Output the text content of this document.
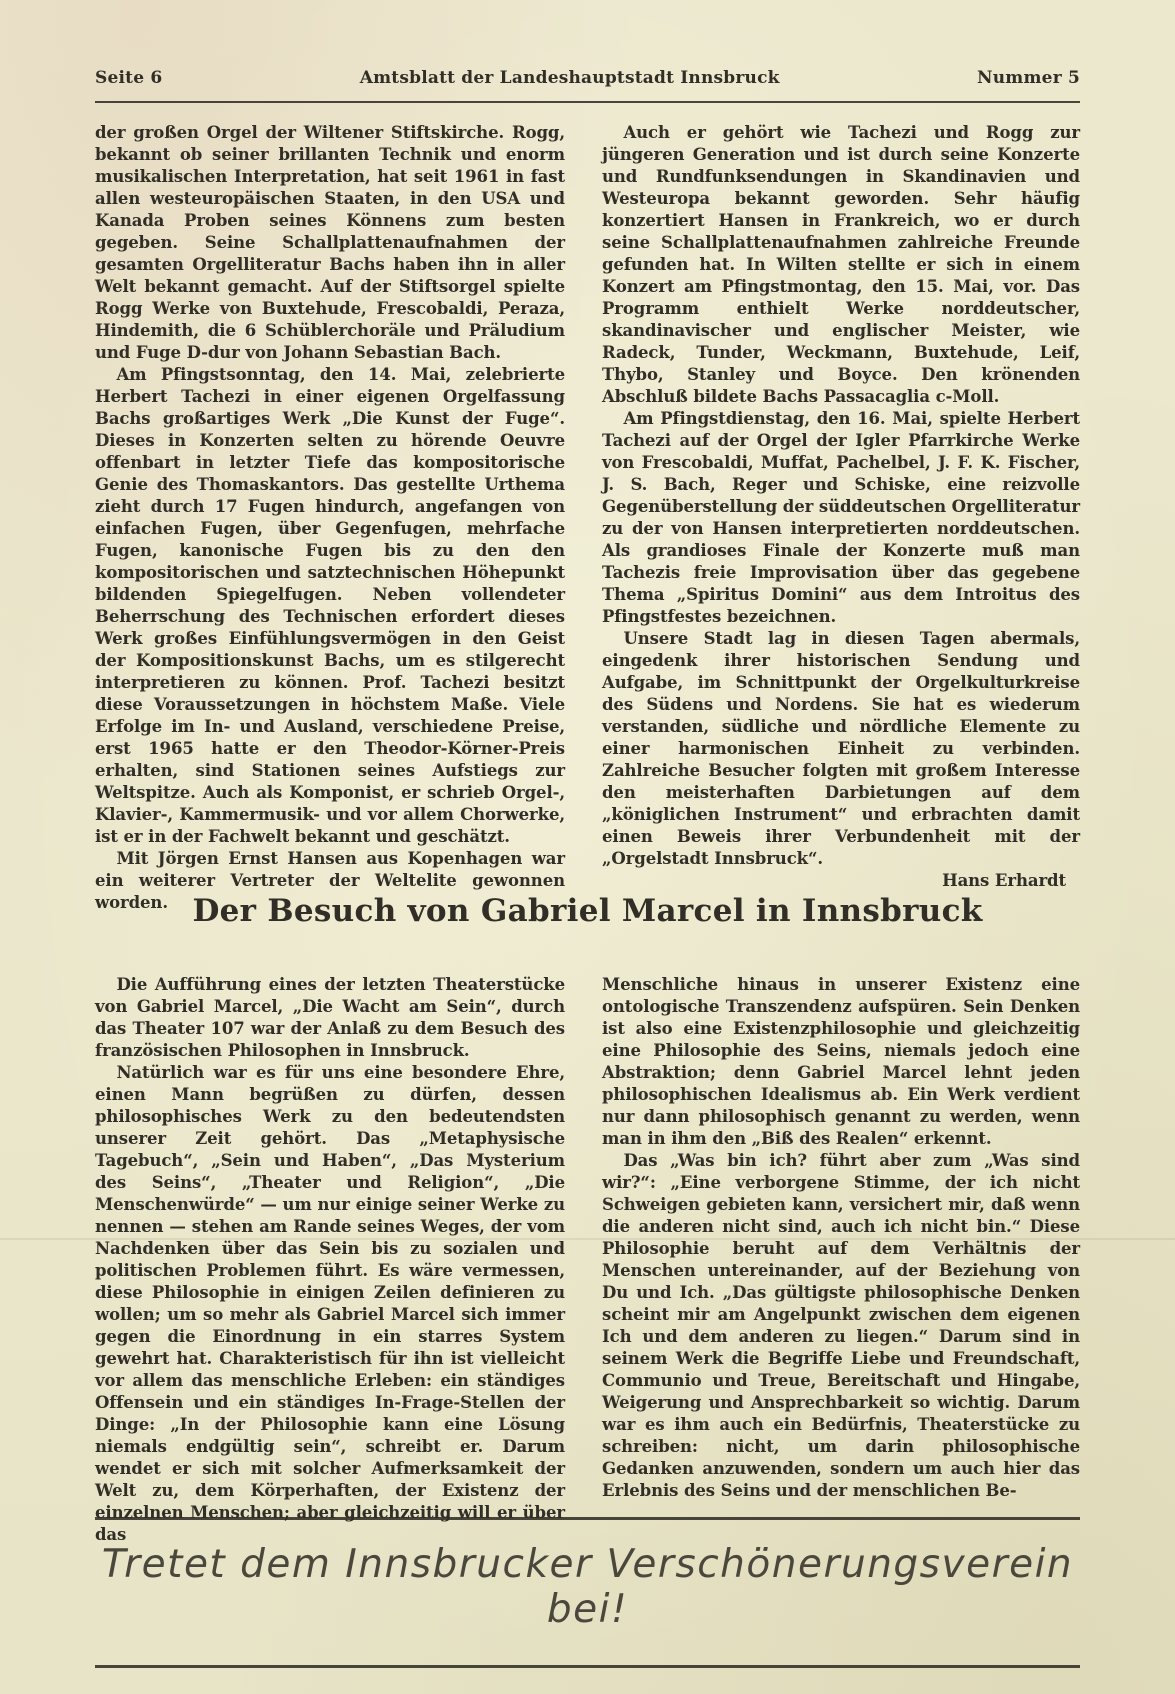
Seite 6	Amtsblatt der Landeshauptstadt Innsbruck	Nummer 5

der großen Orgel der Wiltener Stiftskirche. Rogg, bekannt ob seiner brillanten Technik und enorm musikalischen Interpretation, hat seit 1961 in fast allen westeuropäischen Staaten, in den USA und Kanada Proben seines Könnens zum besten gegeben. Seine Schallplattenaufnahmen der gesamten Orgelliteratur Bachs haben ihn in aller Welt bekannt gemacht. Auf der Stiftsorgel spielte Rogg Werke von Buxtehude, Frescobaldi, Peraza, Hindemith, die 6 Schüblerchoräle und Präludium und Fuge D-dur von Johann Sebastian Bach.

Am Pfingstsonntag, den 14. Mai, zelebrierte Herbert Tachezi in einer eigenen Orgelfassung Bachs großartiges Werk „Die Kunst der Fuge“. Dieses in Konzerten selten zu hörende Oeuvre offenbart in letzter Tiefe das kompositorische Genie des Thomaskantors. Das gestellte Urthema zieht durch 17 Fugen hindurch, angefangen von einfachen Fugen, über Gegenfugen, mehrfache Fugen, kanonische Fugen bis zu den den kompositorischen und satztechnischen Höhepunkt bildenden Spiegelfugen. Neben vollendeter Beherrschung des Technischen erfordert dieses Werk großes Einfühlungsvermögen in den Geist der Kompositionskunst Bachs, um es stilgerecht interpretieren zu können. Prof. Tachezi besitzt diese Voraussetzungen in höchstem Maße. Viele Erfolge im In- und Ausland, verschiedene Preise, erst 1965 hatte er den Theodor-Körner-Preis erhalten, sind Stationen seines Aufstiegs zur Weltspitze. Auch als Komponist, er schrieb Orgel-, Klavier-, Kammermusik- und vor allem Chorwerke, ist er in der Fachwelt bekannt und geschätzt.

Mit Jörgen Ernst Hansen aus Kopenhagen war ein weiterer Vertreter der Weltelite gewonnen worden.

Auch er gehört wie Tachezi und Rogg zur jüngeren Generation und ist durch seine Konzerte und Rundfunksendungen in Skandinavien und Westeuropa bekannt geworden. Sehr häufig konzertiert Hansen in Frankreich, wo er durch seine Schallplattenaufnahmen zahlreiche Freunde gefunden hat. In Wilten stellte er sich in einem Konzert am Pfingstmontag, den 15. Mai, vor. Das Programm enthielt Werke norddeutscher, skandinavischer und englischer Meister, wie Radeck, Tunder, Weckmann, Buxtehude, Leif, Thybo, Stanley und Boyce. Den krönenden Abschluß bildete Bachs Passacaglia c-Moll.

Am Pfingstdienstag, den 16. Mai, spielte Herbert Tachezi auf der Orgel der Igler Pfarrkirche Werke von Frescobaldi, Muffat, Pachelbel, J. F. K. Fischer, J. S. Bach, Reger und Schiske, eine reizvolle Gegenüberstellung der süddeutschen Orgelliteratur zu der von Hansen interpretierten norddeutschen. Als grandioses Finale der Konzerte muß man Tachezis freie Improvisation über das gegebene Thema „Spiritus Domini“ aus dem Introitus des Pfingstfestes bezeichnen.

Unsere Stadt lag in diesen Tagen abermals, eingedenk ihrer historischen Sendung und Aufgabe, im Schnittpunkt der Orgelkulturkreise des Südens und Nordens. Sie hat es wiederum verstanden, südliche und nördliche Elemente zu einer harmonischen Einheit zu verbinden. Zahlreiche Besucher folgten mit großem Interesse den meisterhaften Darbietungen auf dem „königlichen Instrument“ und erbrachten damit einen Beweis ihrer Verbundenheit mit der „Orgelstadt Innsbruck“.

Hans Erhardt
Der Besuch von Gabriel Marcel in Innsbruck

Die Aufführung eines der letzten Theaterstücke von Gabriel Marcel, „Die Wacht am Sein“, durch das Theater 107 war der Anlaß zu dem Besuch des französischen Philosophen in Innsbruck.

Natürlich war es für uns eine besondere Ehre, einen Mann begrüßen zu dürfen, dessen philosophisches Werk zu den bedeutendsten unserer Zeit gehört. Das „Metaphysische Tagebuch“, „Sein und Haben“, „Das Mysterium des Seins“, „Theater und Religion“, „Die Menschenwürde“ — um nur einige seiner Werke zu nennen — stehen am Rande seines Weges, der vom Nachdenken über das Sein bis zu sozialen und politischen Problemen führt. Es wäre vermessen, diese Philosophie in einigen Zeilen definieren zu wollen; um so mehr als Gabriel Marcel sich immer gegen die Einordnung in ein starres System gewehrt hat. Charakteristisch für ihn ist vielleicht vor allem das menschliche Erleben: ein ständiges Offensein und ein ständiges In-Frage-Stellen der Dinge: „In der Philosophie kann eine Lösung niemals endgültig sein“, schreibt er. Darum wendet er sich mit solcher Aufmerksamkeit der Welt zu, dem Körperhaften, der Existenz der einzelnen Menschen; aber gleichzeitig will er über das

Menschliche hinaus in unserer Existenz eine ontologische Transzendenz aufspüren. Sein Denken ist also eine Existenzphilosophie und gleichzeitig eine Philosophie des Seins, niemals jedoch eine Abstraktion; denn Gabriel Marcel lehnt jeden philosophischen Idealismus ab. Ein Werk verdient nur dann philosophisch genannt zu werden, wenn man in ihm den „Biß des Realen“ erkennt.

Das „Was bin ich? führt aber zum „Was sind wir?“: „Eine verborgene Stimme, der ich nicht Schweigen gebieten kann, versichert mir, daß wenn die anderen nicht sind, auch ich nicht bin.“ Diese Philosophie beruht auf dem Verhältnis der Menschen untereinander, auf der Beziehung von Du und Ich. „Das gültigste philosophische Denken scheint mir am Angelpunkt zwischen dem eigenen Ich und dem anderen zu liegen.“ Darum sind in seinem Werk die Begriffe Liebe und Freundschaft, Communio und Treue, Bereitschaft und Hingabe, Weigerung und Ansprechbarkeit so wichtig. Darum war es ihm auch ein Bedürfnis, Theaterstücke zu schreiben: nicht, um darin philosophische Gedanken anzuwenden, sondern um auch hier das Erlebnis des Seins und der menschlichen Be-

Tretet dem Innsbrucker Verschönerungsverein bei!
